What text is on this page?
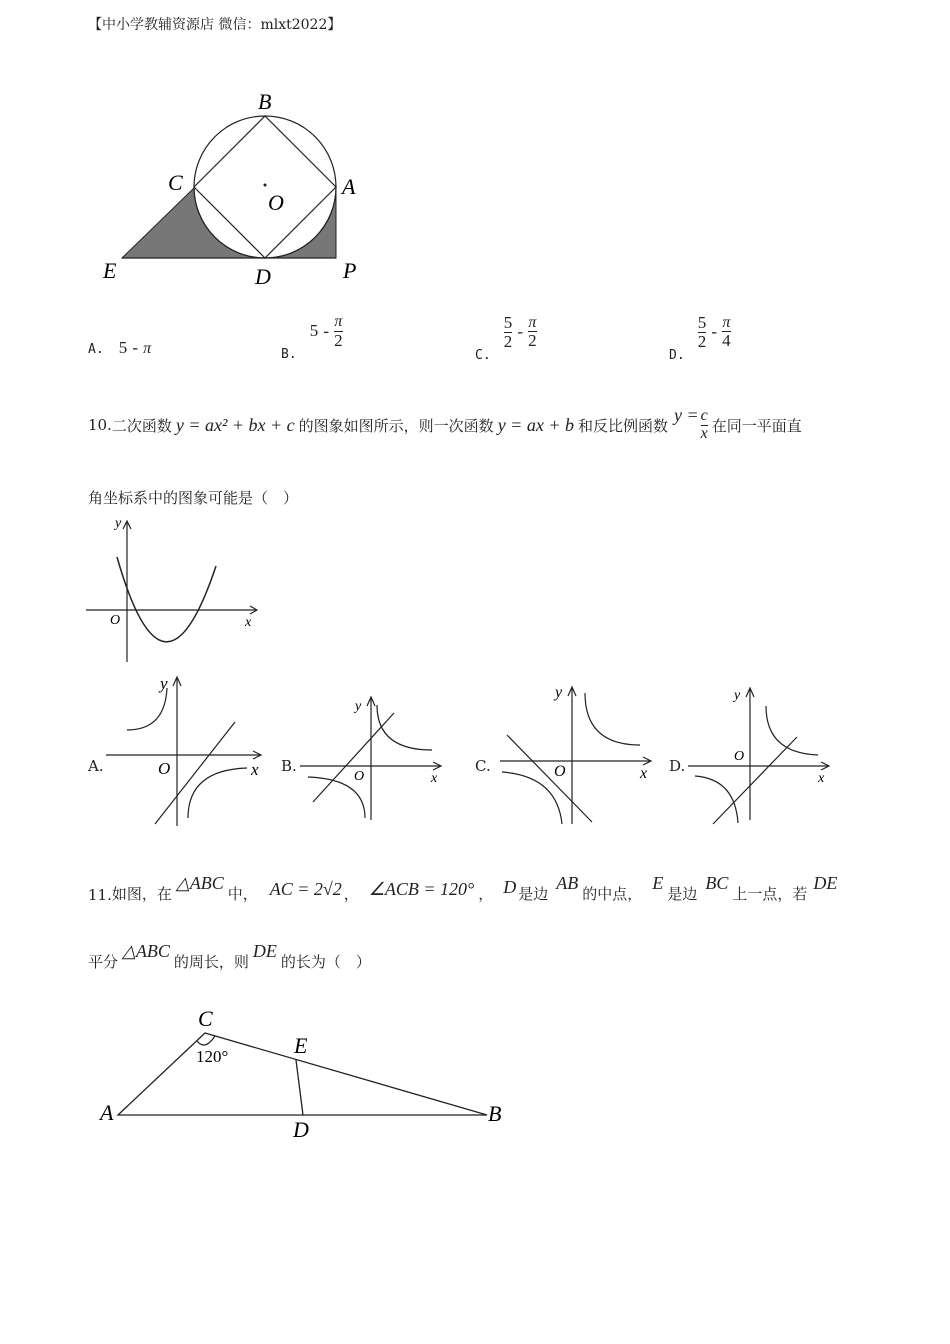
【中小学教辅资源店 微信：mlxt2022】
B
C	A
O
E	D	P
A. 5 - π	$_{B.}$ $5 - \frac{\pi}{2}$
$_{C.}$
$\frac{5}{2} - \frac{\pi}{2}$
$_{D.}$
$\frac{5}{2} - \frac{\pi}{4}$
10. 二次函数 y = ax² + bx + c 的图象如图所示，则一次函数 y = ax + b 和反比例函数
$y = \frac{c}{x}$ 在同一平面直
角坐标系中的图象可能是（　）
y
x
O
A.
y
x
O	B.
y
x
O
C.
y
x
O	D.
y
x
O
11. 如图，在
△ABC
中， AC = 2√2 ， ∠ACB = 120° ， D 是边
AB
的中点，
E
是边
BC
上一点，若
DE
平分
△ABC
的周长，则
DE
的长为（　）
C
E
A
D
B
120°
